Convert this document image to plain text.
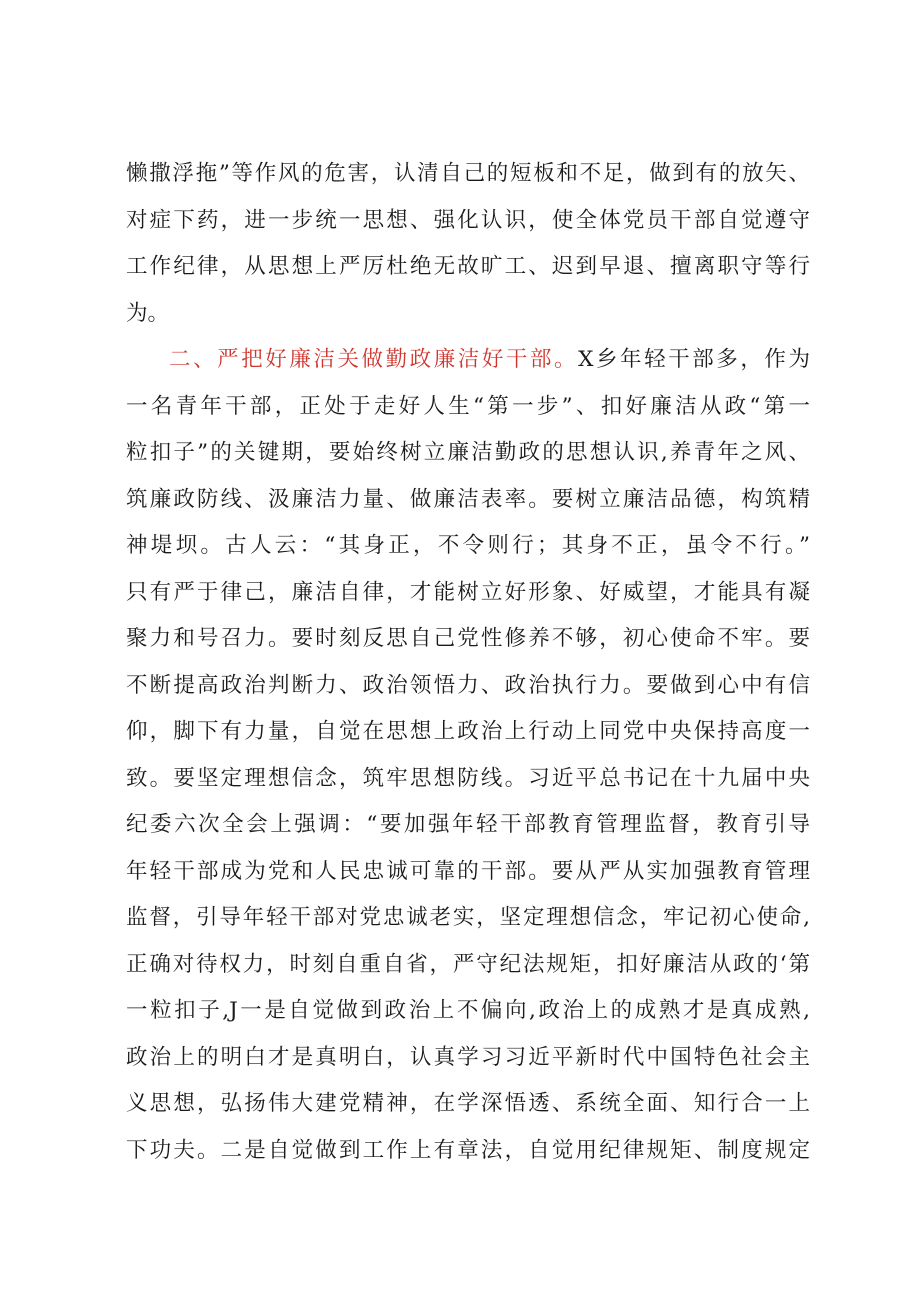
懒撒浮拖”等作风的危害，认清自己的短板和不足，做到有的放矢、
对症下药，进一步统一思想、强化认识，使全体党员干部自觉遵守
工作纪律，从思想上严厉杜绝无故旷工、迟到早退、擅离职守等行
为。
二、严把好廉洁关做勤政廉洁好干部。X乡年轻干部多，作为
一名青年干部，正处于走好人生“第一步”、扣好廉洁从政“第一
粒扣子”的关键期，要始终树立廉洁勤政的思想认识,养青年之风、
筑廉政防线、汲廉洁力量、做廉洁表率。要树立廉洁品德，构筑精
神堤坝。古人云：“其身正，不令则行；其身不正，虽令不行。”
只有严于律己，廉洁自律，才能树立好形象、好威望，才能具有凝
聚力和号召力。要时刻反思自己党性修养不够，初心使命不牢。要
不断提高政治判断力、政治领悟力、政治执行力。要做到心中有信
仰，脚下有力量，自觉在思想上政治上行动上同党中央保持高度一
致。要坚定理想信念，筑牢思想防线。习近平总书记在十九届中央
纪委六次全会上强调：“要加强年轻干部教育管理监督，教育引导
年轻干部成为党和人民忠诚可靠的干部。要从严从实加强教育管理
监督，引导年轻干部对党忠诚老实，坚定理想信念，牢记初心使命,
正确对待权力，时刻自重自省，严守纪法规矩，扣好廉洁从政的‘第
一粒扣子,J一是自觉做到政治上不偏向,政治上的成熟才是真成熟,
政治上的明白才是真明白，认真学习习近平新时代中国特色社会主
义思想，弘扬伟大建党精神，在学深悟透、系统全面、知行合一上
下功夫。二是自觉做到工作上有章法，自觉用纪律规矩、制度规定
